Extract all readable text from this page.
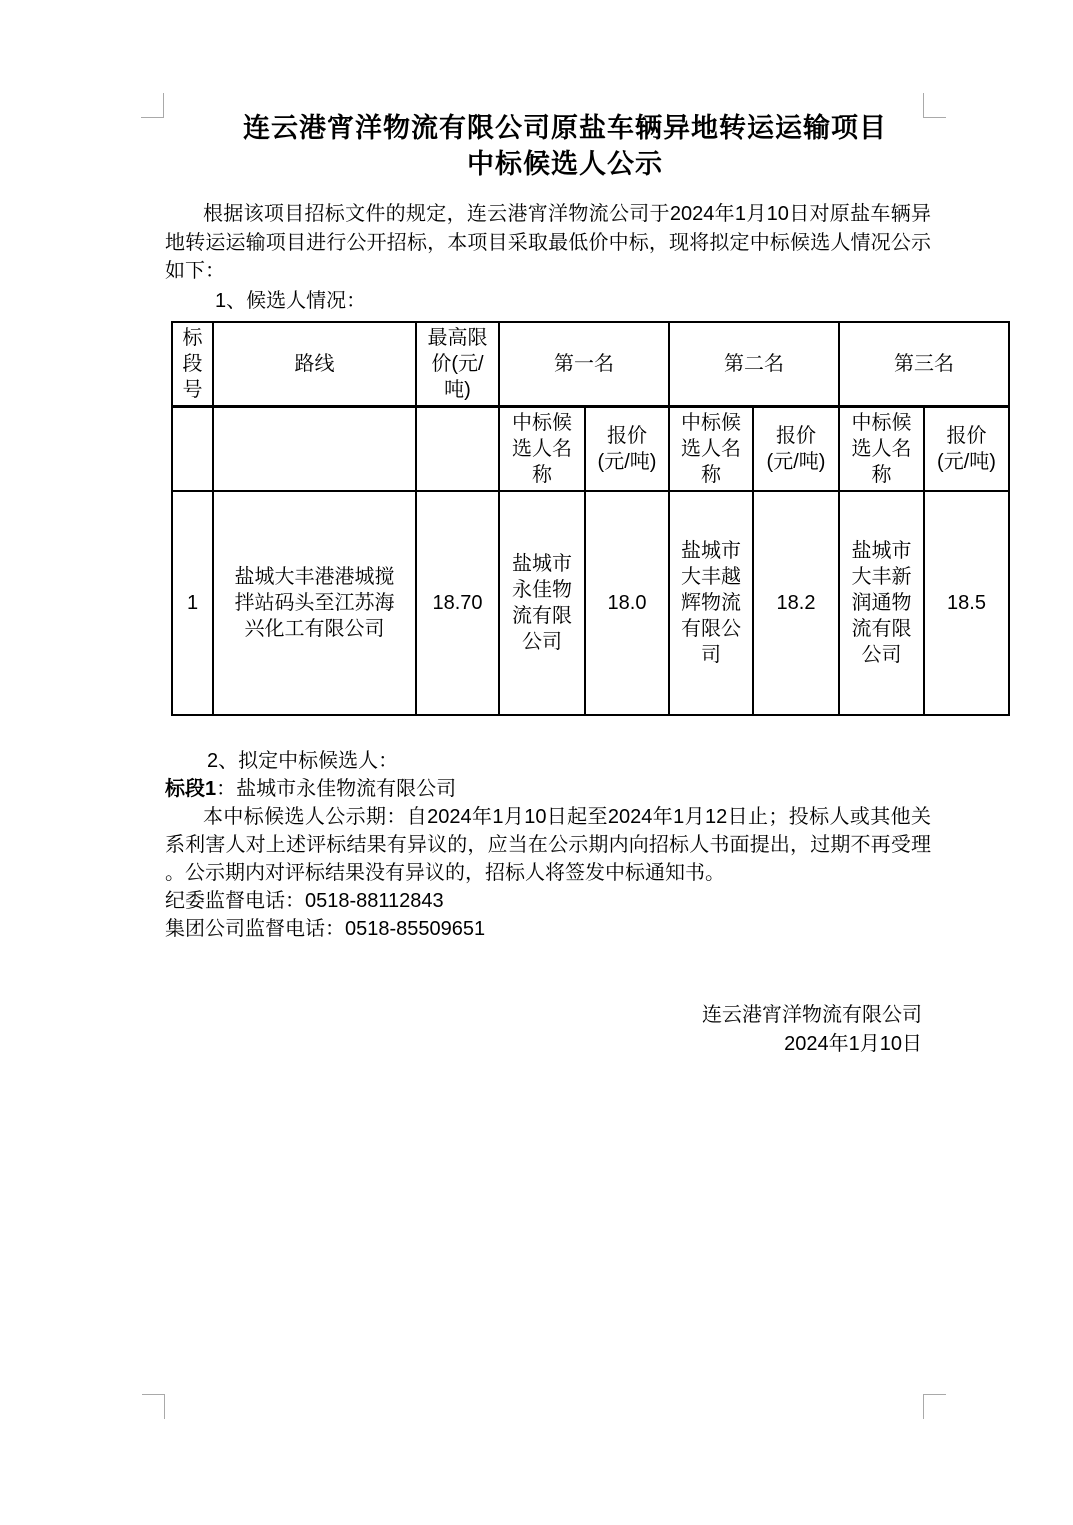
连云港宵洋物流有限公司原盐车辆异地转运运输项目
中标候选人公示
根据该项目招标文件的规定，连云港宵洋物流公司于2024年1月10日对原盐车辆异
地转运运输项目进行公开招标，本项目采取最低价中标，现将拟定中标候选人情况公示
如下：
1、候选人情况：
标段号	路线	最高限价(元/吨)	第一名		第二名		第三名	
			中标候选人名称	报价(元/吨)	中标候选人名称	报价(元/吨)	中标候选人名称	报价(元/吨)
1	盐城大丰港港城搅拌站码头至江苏海兴化工有限公司	18.70	盐城市永佳物流有限公司	18.0	盐城市大丰越辉物流有限公司	18.2	盐城市大丰新润通物流有限公司	18.5
2、拟定中标候选人：
标段1：盐城市永佳物流有限公司
本中标候选人公示期：自2024年1月10日起至2024年1月12日止；投标人或其他关
系利害人对上述评标结果有异议的，应当在公示期内向招标人书面提出，过期不再受理
。公示期内对评标结果没有异议的，招标人将签发中标通知书。
纪委监督电话：0518-88112843
集团公司监督电话：0518-85509651
连云港宵洋物流有限公司
2024年1月10日
